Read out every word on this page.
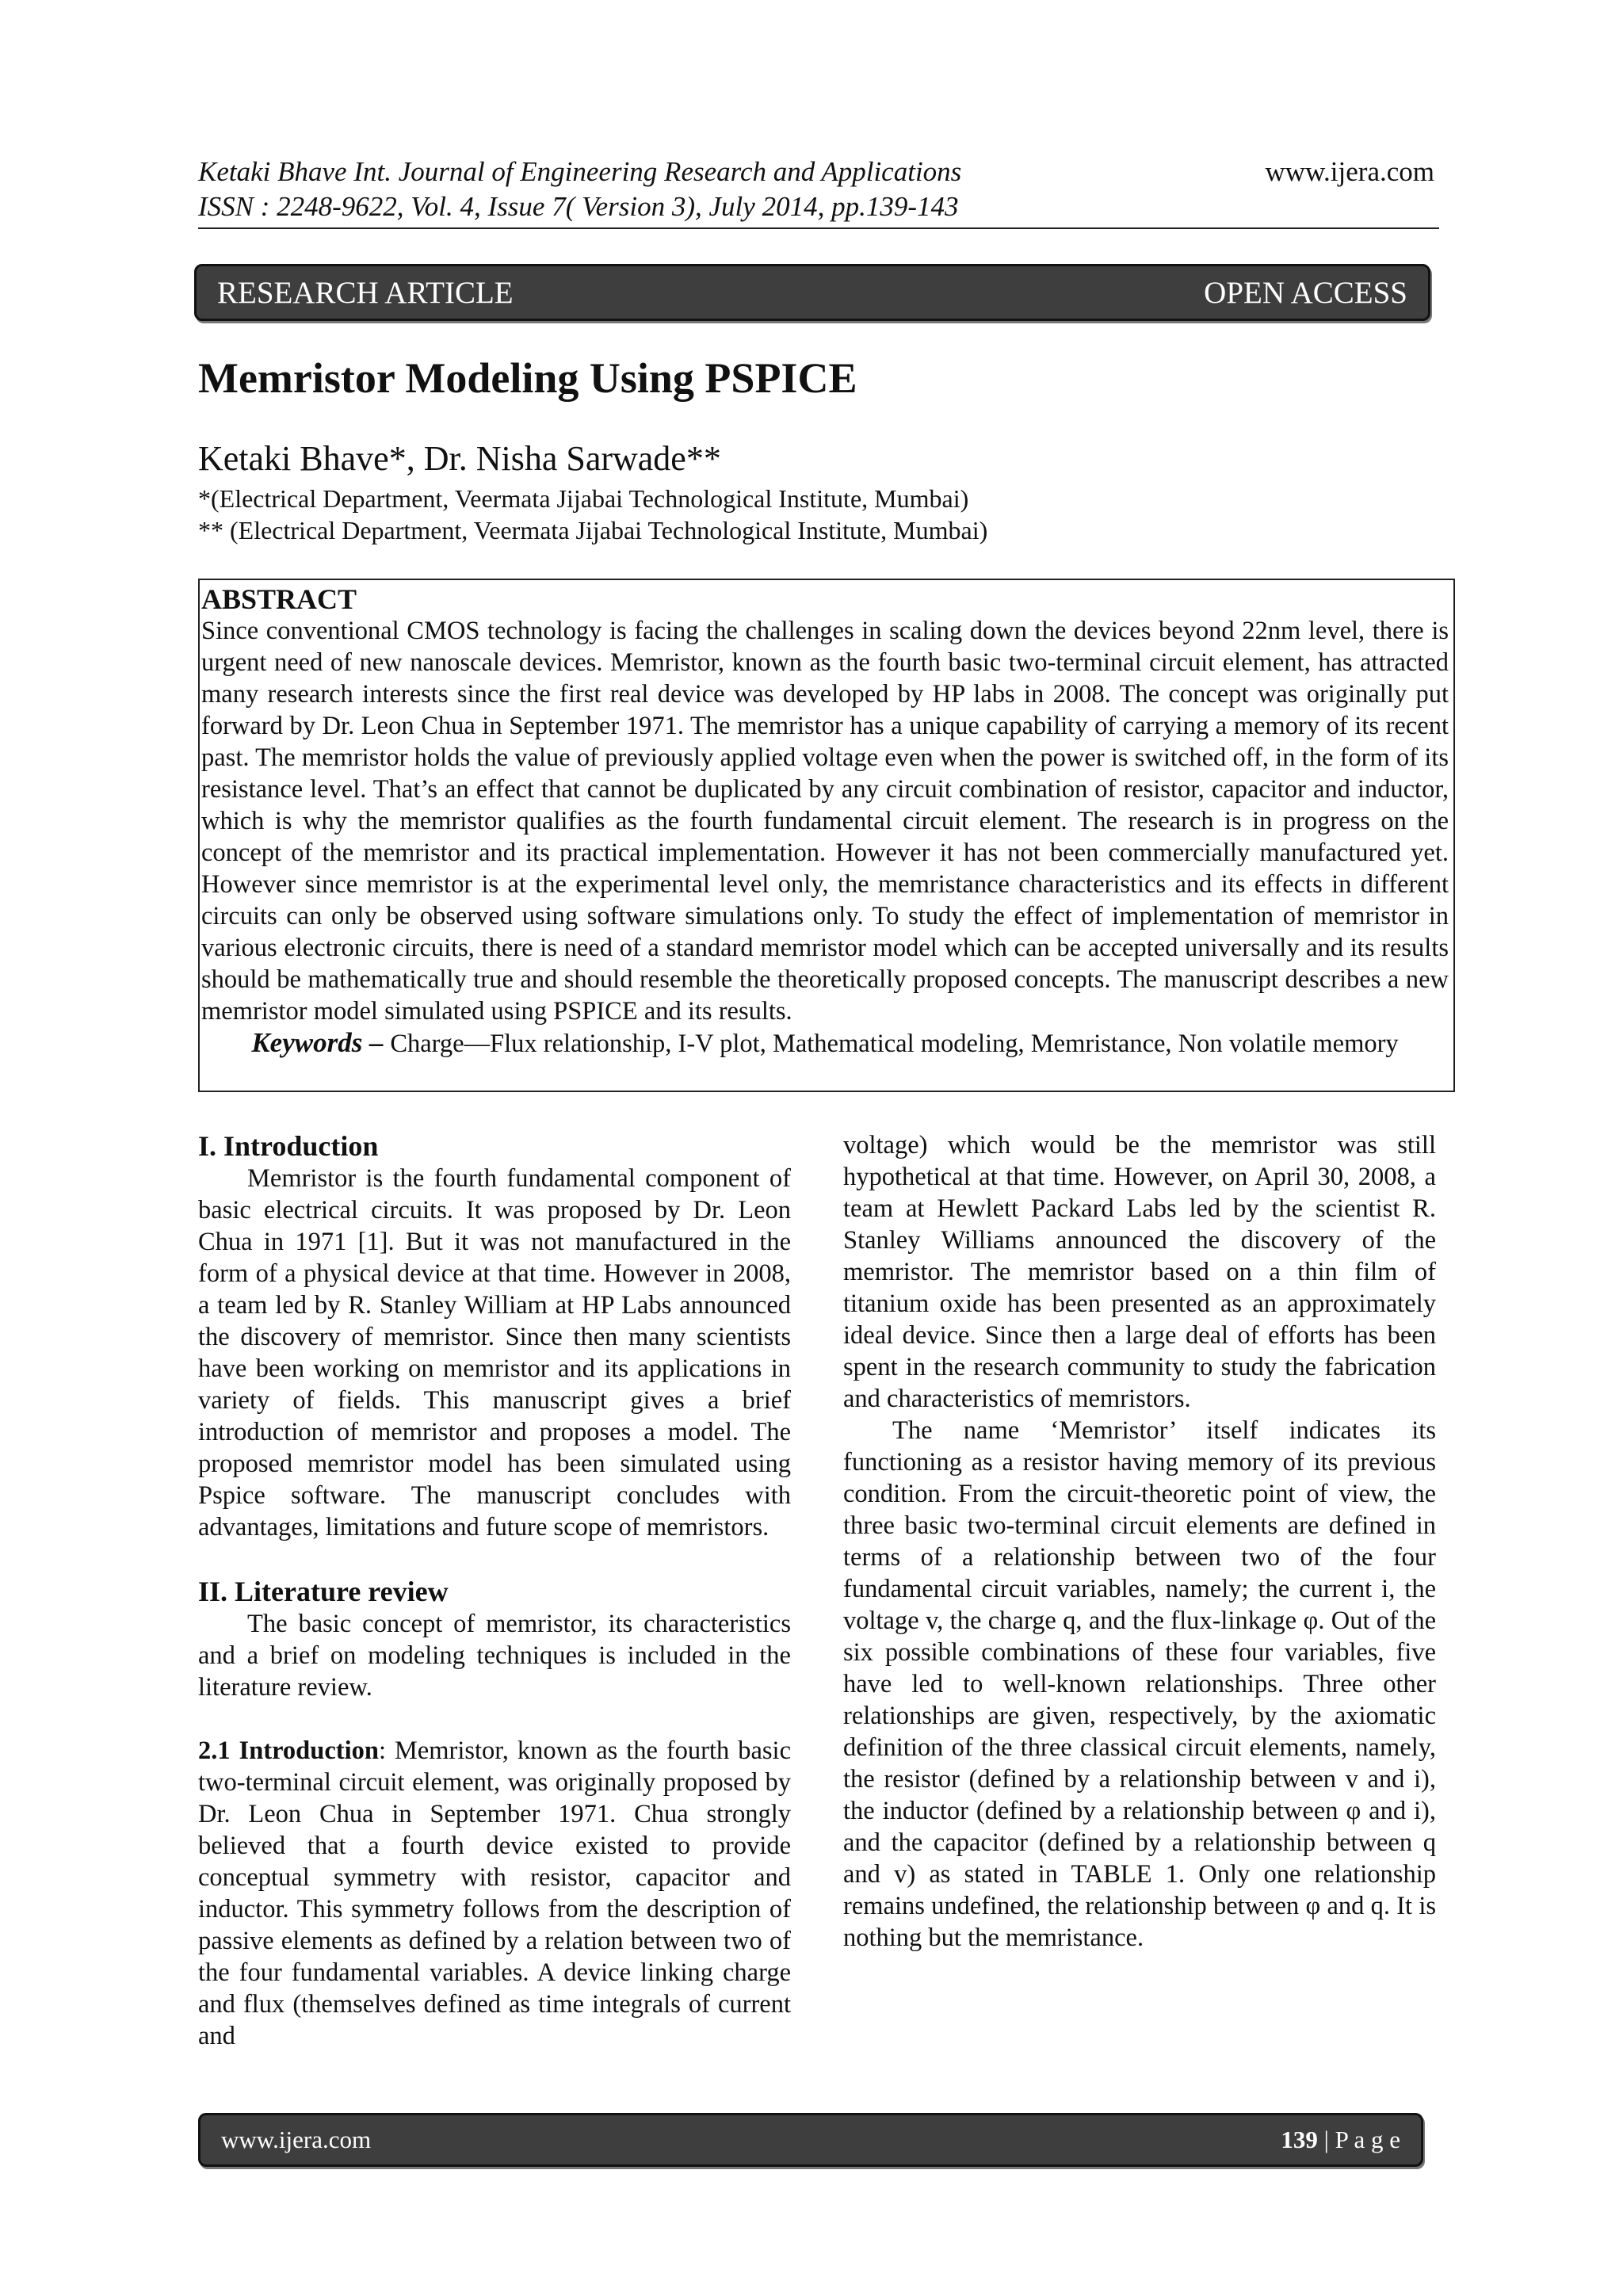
Ketaki Bhave Int. Journal of Engineering Research and Applications
ISSN : 2248-9622, Vol. 4, Issue 7( Version 3), July 2014, pp.139-143
www.ijera.com
RESEARCH ARTICLE	OPEN ACCESS
Memristor Modeling Using PSPICE
Ketaki Bhave*, Dr. Nisha Sarwade**
*(Electrical Department, Veermata Jijabai Technological Institute, Mumbai)
** (Electrical Department, Veermata Jijabai Technological Institute, Mumbai)

ABSTRACT

Since conventional CMOS technology is facing the challenges in scaling down the devices beyond 22nm level, there is urgent need of new nanoscale devices. Memristor, known as the fourth basic two-terminal circuit element, has attracted many research interests since the first real device was developed by HP labs in 2008. The concept was originally put forward by Dr. Leon Chua in September 1971. The memristor has a unique capability of carrying a memory of its recent past. The memristor holds the value of previously applied voltage even when the power is switched off, in the form of its resistance level. That’s an effect that cannot be duplicated by any circuit combination of resistor, capacitor and inductor, which is why the memristor qualifies as the fourth fundamental circuit element. The research is in progress on the concept of the memristor and its practical implementation. However it has not been commercially manufactured yet. However since memristor is at the experimental level only, the memristance characteristics and its effects in different circuits can only be observed using software simulations only. To study the effect of implementation of memristor in various electronic circuits, there is need of a standard memristor model which can be accepted universally and its results should be mathematically true and should resemble the theoretically proposed concepts. The manuscript describes a new memristor model simulated using PSPICE and its results.

Keywords – Charge—Flux relationship, I-V plot, Mathematical modeling, Memristance, Non volatile memory

I. Introduction

Memristor is the fourth fundamental component of basic electrical circuits. It was proposed by Dr. Leon Chua in 1971 [1]. But it was not manufactured in the form of a physical device at that time. However in 2008, a team led by R. Stanley William at HP Labs announced the discovery of memristor. Since then many scientists have been working on memristor and its applications in variety of fields. This manuscript gives a brief introduction of memristor and proposes a model. The proposed memristor model has been simulated using Pspice software. The manuscript concludes with advantages, limitations and future scope of memristors.

II. Literature review

The basic concept of memristor, its characteristics and a brief on modeling techniques is included in the literature review.

2.1 Introduction: Memristor, known as the fourth basic two-terminal circuit element, was originally proposed by Dr. Leon Chua in September 1971. Chua strongly believed that a fourth device existed to provide conceptual symmetry with resistor, capacitor and inductor. This symmetry follows from the description of passive elements as defined by a relation between two of the four fundamental variables. A device linking charge and flux (themselves defined as time integrals of current and

voltage) which would be the memristor was still hypothetical at that time. However, on April 30, 2008, a team at Hewlett Packard Labs led by the scientist R. Stanley Williams announced the discovery of the memristor. The memristor based on a thin film of titanium oxide has been presented as an approximately ideal device. Since then a large deal of efforts has been spent in the research community to study the fabrication and characteristics of memristors.

The name ‘Memristor’ itself indicates its functioning as a resistor having memory of its previous condition. From the circuit-theoretic point of view, the three basic two-terminal circuit elements are defined in terms of a relationship between two of the four fundamental circuit variables, namely; the current i, the voltage v, the charge q, and the flux-linkage φ. Out of the six possible combinations of these four variables, five have led to well-known relationships. Three other relationships are given, respectively, by the axiomatic definition of the three classical circuit elements, namely, the resistor (defined by a relationship between v and i), the inductor (defined by a relationship between φ and i), and the capacitor (defined by a relationship between q and v) as stated in TABLE 1. Only one relationship remains undefined, the relationship between φ and q. It is nothing but the memristance.

www.ijera.com	139 | P a g e
